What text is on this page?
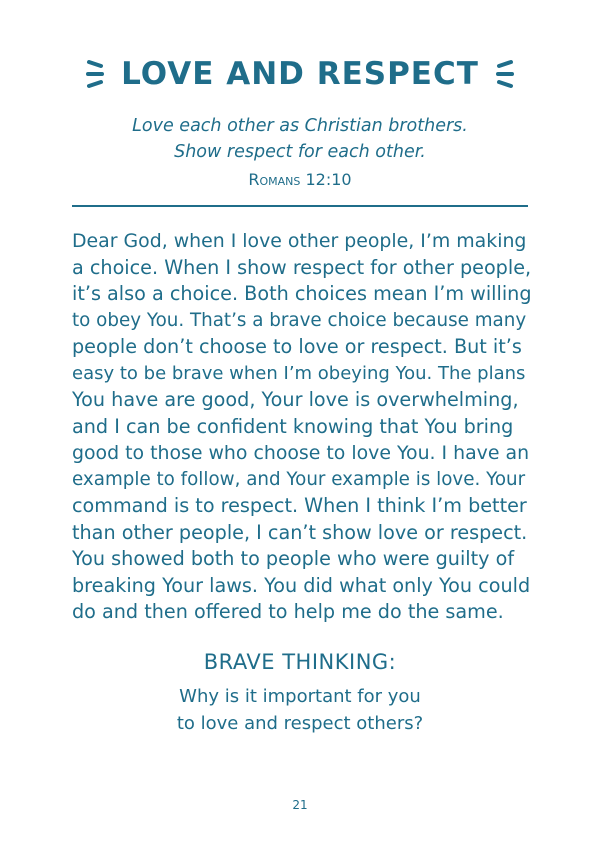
LOVE AND RESPECT
Love each other as Christian brothers.
Show respect for each other.
Romans 12:10
Dear God, when I love other people, I’m making
a choice. When I show respect for other people,
it’s also a choice. Both choices mean I’m willing
to obey You. That’s a brave choice because many
people don’t choose to love or respect. But it’s
easy to be brave when I’m obeying You. The plans
You have are good, Your love is overwhelming,
and I can be confident knowing that You bring
good to those who choose to love You. I have an
example to follow, and Your example is love. Your
command is to respect. When I think I’m better
than other people, I can’t show love or respect.
You showed both to people who were guilty of
breaking Your laws. You did what only You could
do and then offered to help me do the same.
BRAVE THINKING:
Why is it important for you
to love and respect others?
21
